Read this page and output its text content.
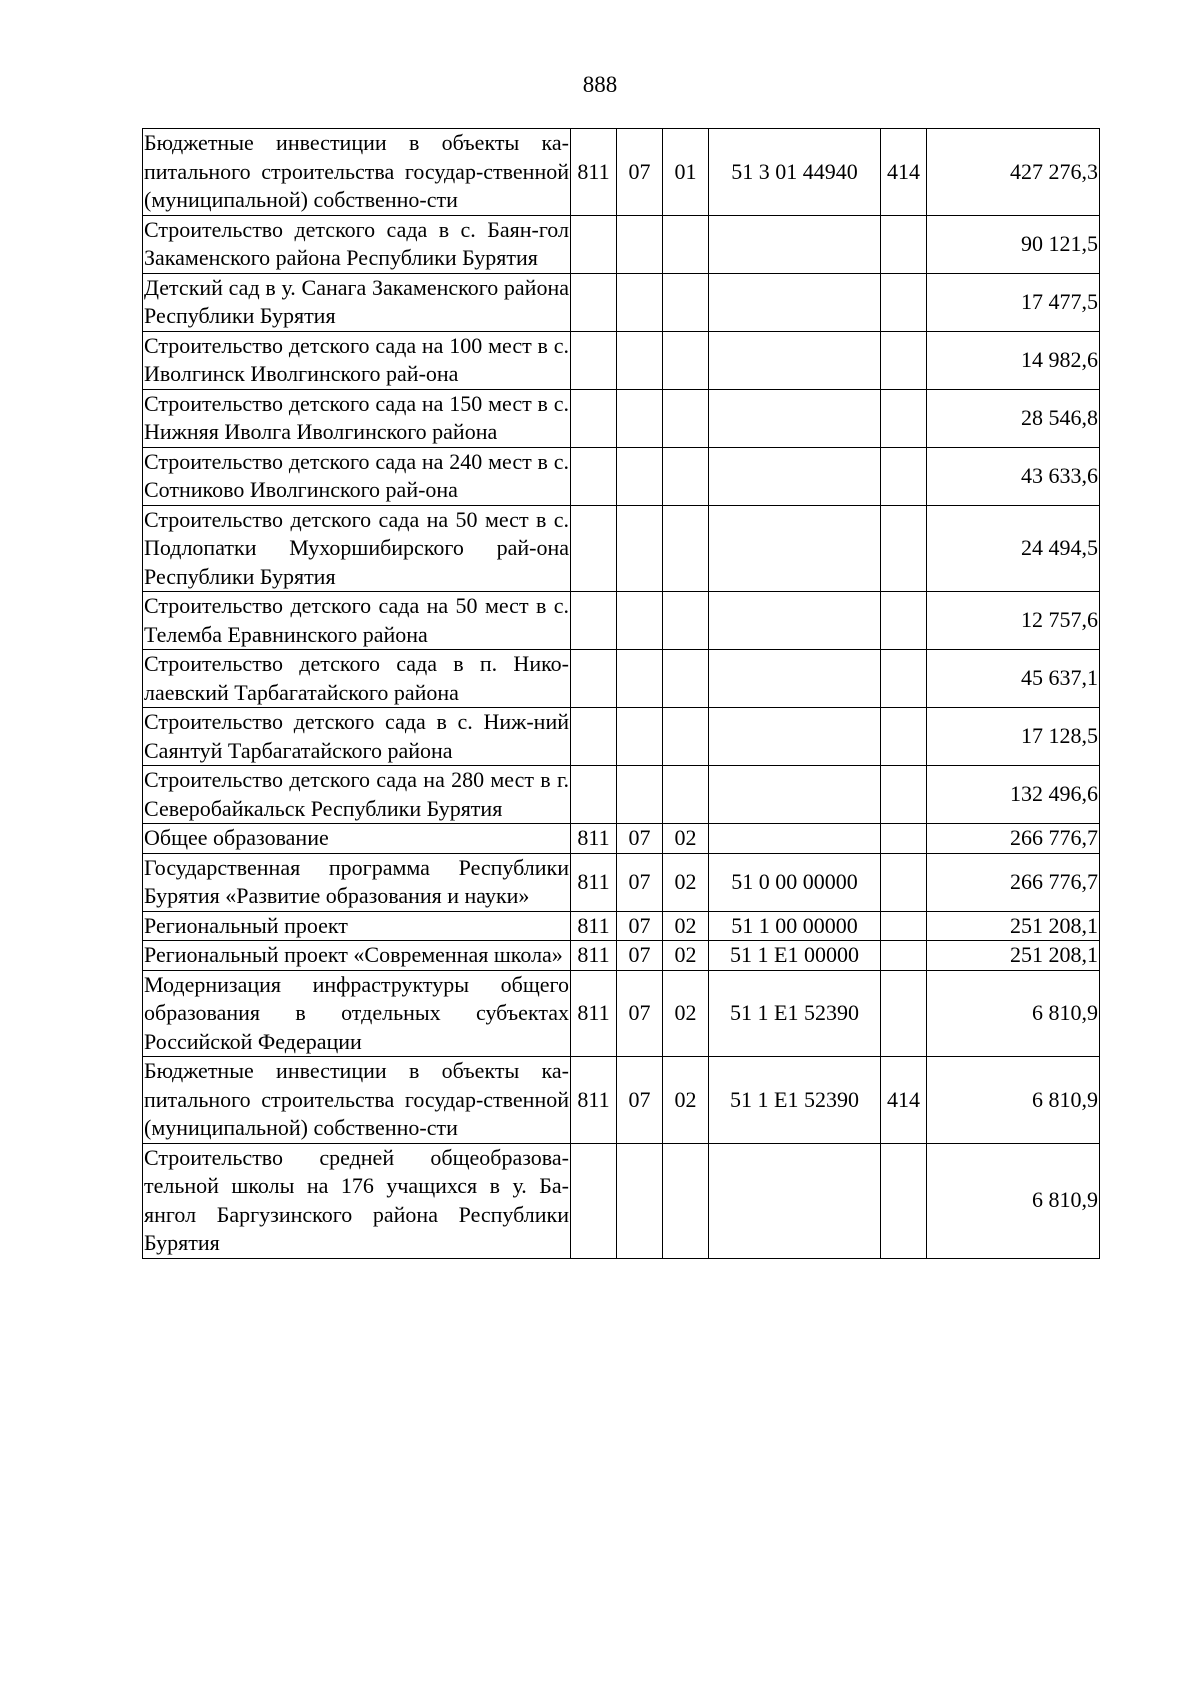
888
Бюджетные инвестиции в объекты ка-питального строительства государ-ственной (муниципальной) собственно-сти	811	07	01	51 3 01 44940	414	427 276,3
Строительство детского сада в с. Баян-гол Закаменского района Республики Бурятия						90 121,5
Детский сад в у. Санага Закаменского района Республики Бурятия						17 477,5
Строительство детского сада на 100 мест в с. Иволгинск Иволгинского рай-она						14 982,6
Строительство детского сада на 150 мест в с. Нижняя Иволга Иволгинского района						28 546,8
Строительство детского сада на 240 мест в с. Сотниково Иволгинского рай-она						43 633,6
Строительство детского сада на 50 мест в с. Подлопатки Мухоршибирского рай-она Республики Бурятия						24 494,5
Строительство детского сада на 50 мест в с. Телемба Еравнинского района						12 757,6
Строительство детского сада в п. Нико-лаевский Тарбагатайского района						45 637,1
Строительство детского сада в с. Ниж-ний Саянтуй Тарбагатайского района						17 128,5
Строительство детского сада на 280 мест в г. Северобайкальск Республики Бурятия						132 496,6
Общее образование	811	07	02			266 776,7
Государственная программа Республики Бурятия «Развитие образования и науки»	811	07	02	51 0 00 00000		266 776,7
Региональный проект	811	07	02	51 1 00 00000		251 208,1
Региональный проект «Современная школа»	811	07	02	51 1 E1 00000		251 208,1
Модернизация инфраструктуры общего образования в отдельных субъектах Российской Федерации	811	07	02	51 1 E1 52390		6 810,9
Бюджетные инвестиции в объекты ка-питального строительства государ-ственной (муниципальной) собственно-сти	811	07	02	51 1 E1 52390	414	6 810,9
Строительство средней общеобразова-тельной школы на 176 учащихся в у. Ба-янгол Баргузинского района Республики Бурятия						6 810,9
